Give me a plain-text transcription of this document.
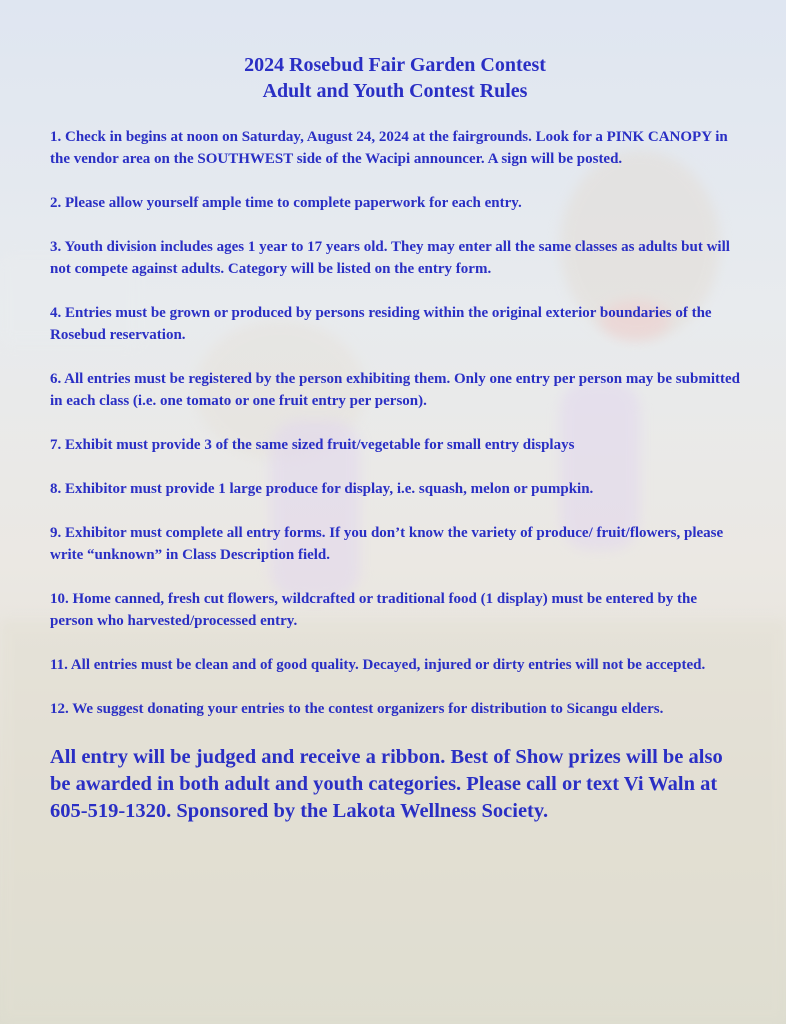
2024 Rosebud Fair Garden Contest
Adult and Youth Contest Rules

1. Check in begins at noon on Saturday, August 24, 2024 at the fairgrounds. Look for a PINK CANOPY in the vendor area on the SOUTHWEST side of the Wacipi announcer. A sign will be posted.

2. Please allow yourself ample time to complete paperwork for each entry.

3. Youth division includes ages 1 year to 17 years old. They may enter all the same classes as adults but will not compete against adults. Category will be listed on the entry form.

4. Entries must be grown or produced by persons residing within the original exterior boundaries of the Rosebud reservation.

6. All entries must be registered by the person exhibiting them. Only one entry per person may be submitted in each class (i.e. one tomato or one fruit entry per person).

7. Exhibit must provide 3 of the same sized fruit/vegetable for small entry displays

8. Exhibitor must provide 1 large produce for display, i.e. squash, melon or pumpkin.

9. Exhibitor must complete all entry forms. If you don’t know the variety of produce/ fruit/flowers, please write “unknown” in Class Description field.

10. Home canned, fresh cut flowers, wildcrafted or traditional food (1 display) must be entered by the person who harvested/processed entry.

11. All entries must be clean and of good quality. Decayed, injured or dirty entries will not be accepted.

12. We suggest donating your entries to the contest organizers for distribution to Sicangu elders.

All entry will be judged and receive a ribbon. Best of Show prizes will be also be awarded in both adult and youth categories. Please call or text Vi Waln at 605-519-1320. Sponsored by the Lakota Wellness Society.
